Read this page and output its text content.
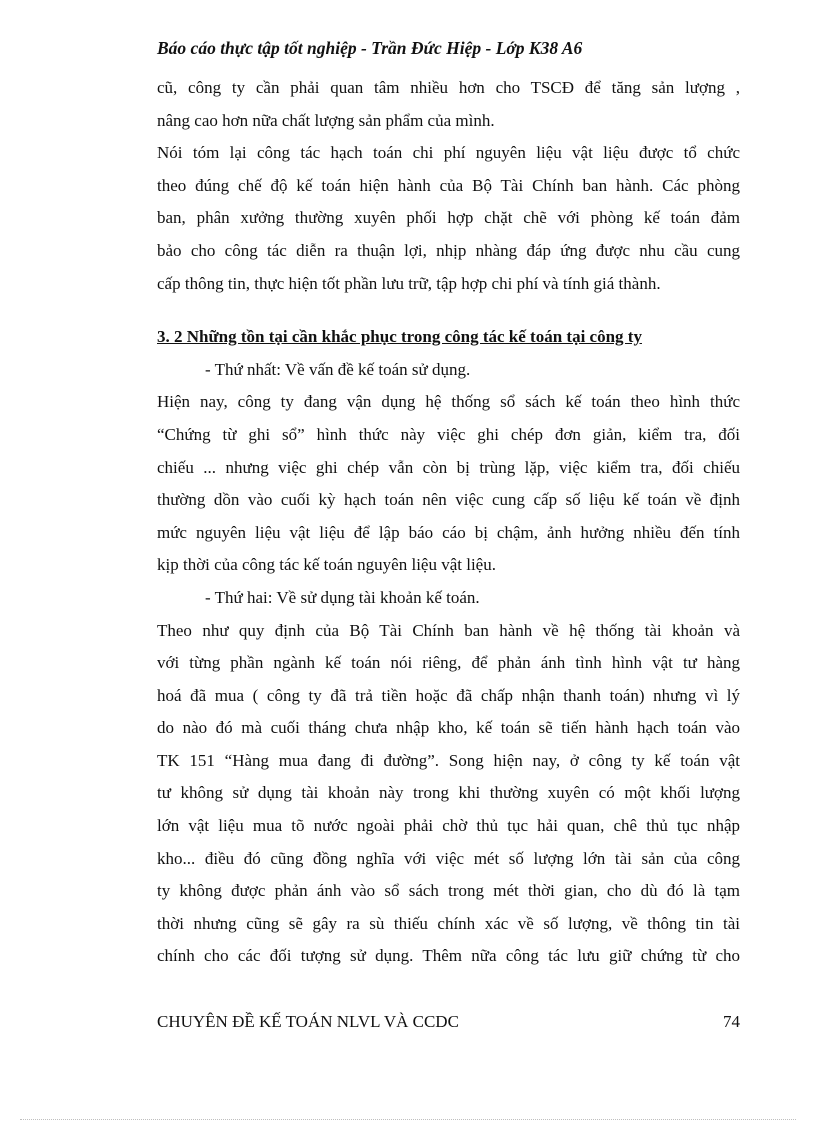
Báo cáo thực tập tốt nghiệp - Trần Đức Hiệp - Lớp K38 A6

cũ, công ty cần phải quan tâm nhiều hơn cho TSCĐ để tăng sản lượng ,
nâng cao hơn nữa chất lượng sản phẩm của mình.

Nói tóm lại công tác hạch toán chi phí nguyên liệu vật liệu được tổ chức
theo đúng chế độ kế toán hiện hành của Bộ Tài Chính ban hành. Các phòng
ban, phân xưởng thường xuyên phối hợp chặt chẽ với phòng kế toán đảm
bảo cho công tác diễn ra thuận lợi, nhịp nhàng đáp ứng được nhu cầu cung
cấp thông tin, thực hiện tốt phần lưu trữ, tập hợp chi phí và tính giá thành.

3. 2 Những tồn tại cần khắc phục trong công tác kế toán tại công ty

- Thứ nhất: Về vấn đề kế toán sử dụng.

Hiện nay, công ty đang vận dụng hệ thống sổ sách kế toán theo hình thức
“Chứng từ ghi sổ” hình thức này việc ghi chép đơn giản, kiểm tra, đối
chiếu ... nhưng việc ghi chép vẫn còn bị trùng lặp, việc kiểm tra, đối chiếu
thường dồn vào cuối kỳ hạch toán nên việc cung cấp số liệu kế toán về định
mức nguyên liệu vật liệu để lập báo cáo bị chậm, ảnh hưởng nhiều đến tính
kịp thời của công tác kế toán nguyên liệu vật liệu.

- Thứ hai: Về sử dụng tài khoản kế toán.

Theo như quy định của Bộ Tài Chính ban hành về hệ thống tài khoản và
với từng phần ngành kế toán nói riêng, để phản ánh tình hình vật tư hàng
hoá đã mua ( công ty đã trả tiền hoặc đã chấp nhận thanh toán) nhưng vì lý
do nào đó mà cuối tháng chưa nhập kho, kế toán sẽ tiến hành hạch toán vào
TK 151 “Hàng mua đang đi đường”. Song hiện nay, ở công ty kế toán vật
tư không sử dụng tài khoản này trong khi thường xuyên có một khối lượng
lớn vật liệu mua tõ nước ngoài phải chờ thủ tục hải quan, chê thủ tục nhập
kho... điều đó cũng đồng nghĩa với việc mét số lượng lớn tài sản của công
ty không được phản ánh vào sổ sách trong mét thời gian, cho dù đó là tạm
thời nhưng cũng sẽ gây ra sù thiếu chính xác về số lượng, về thông tin tài
chính cho các đối tượng sử dụng. Thêm nữa công tác lưu giữ chứng từ cho

CHUYÊN ĐỀ KẾ TOÁN NLVL VÀ CCDC	74
